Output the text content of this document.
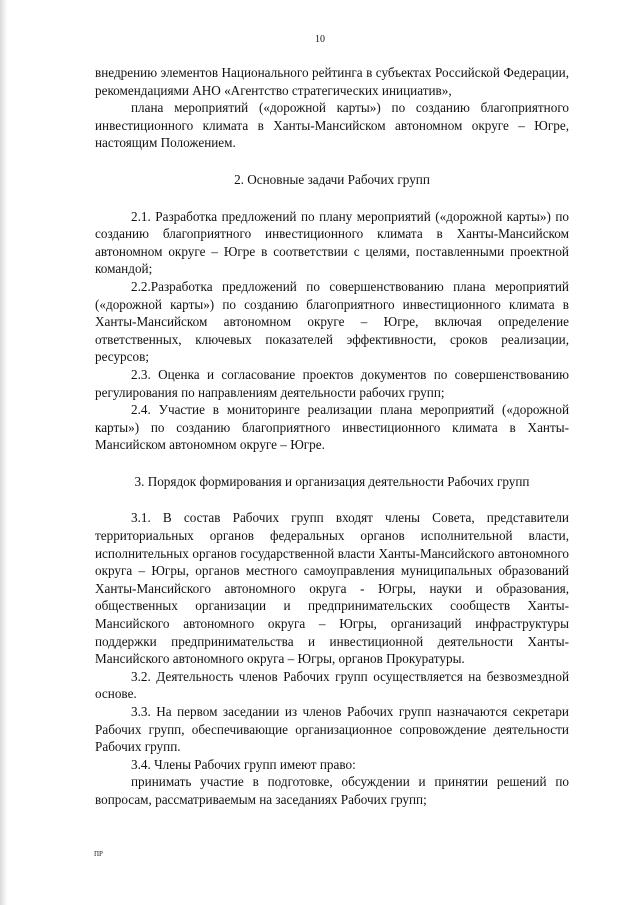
10

внедрению элементов Национального рейтинга в субъектах Российской Федерации, рекомендациями АНО «Агентство стратегических инициатив»,

плана мероприятий («дорожной карты») по созданию благоприятного инвестиционного климата в Ханты-Мансийском автономном округе – Югре, настоящим Положением.

2. Основные задачи Рабочих групп

2.1. Разработка предложений по плану мероприятий («дорожной карты») по созданию благоприятного инвестиционного климата в Ханты-Мансийском автономном округе – Югре в соответствии с целями, поставленными проектной командой;

2.2.Разработка предложений по совершенствованию плана мероприятий («дорожной карты») по созданию благоприятного инвестиционного климата в Ханты-Мансийском автономном округе – Югре, включая определение ответственных, ключевых показателей эффективности, сроков реализации, ресурсов;

2.3. Оценка и согласование проектов документов по совершенствованию регулирования по направлениям деятельности рабочих групп;

2.4. Участие в мониторинге реализации плана мероприятий («дорожной карты») по созданию благоприятного инвестиционного климата в Ханты-Мансийском автономном округе – Югре.

3. Порядок формирования и организация деятельности Рабочих групп

3.1. В состав Рабочих групп входят члены Совета, представители территориальных органов федеральных органов исполнительной власти, исполнительных органов государственной власти Ханты-Мансийского автономного округа – Югры, органов местного самоуправления муниципальных образований Ханты-Мансийского автономного округа - Югры, науки и образования, общественных организации и предпринимательских сообществ Ханты-Мансийского автономного округа – Югры, организаций инфраструктуры поддержки предпринимательства и инвестиционной деятельности Ханты-Мансийского автономного округа – Югры, органов Прокуратуры.

3.2. Деятельность членов Рабочих групп осуществляется на безвозмездной основе.

3.3. На первом заседании из членов Рабочих групп назначаются секретари Рабочих групп, обеспечивающие организационное сопровождение деятельности Рабочих групп.

3.4. Члены Рабочих групп имеют право:

принимать участие в подготовке, обсуждении и принятии решений по вопросам, рассматриваемым на заседаниях Рабочих групп;

ПР
